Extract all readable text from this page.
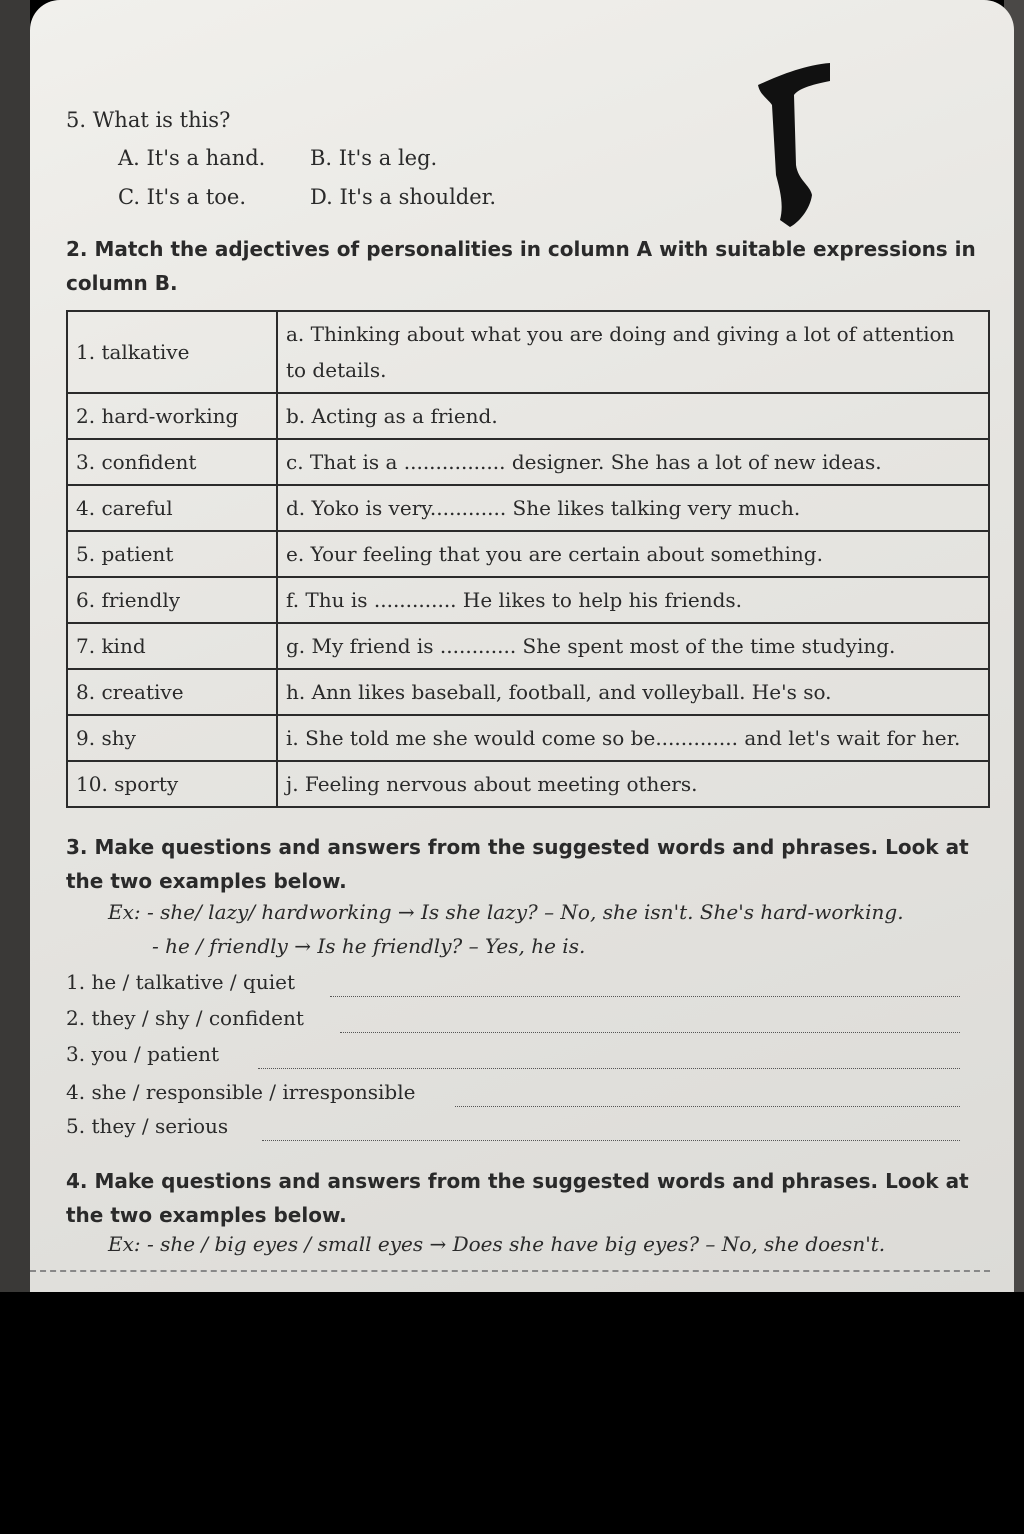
5. What is this?
A. It's a hand. B. It's a leg.
C. It's a toe.	D. It's a shoulder.
2. Match the adjectives of personalities in column A with suitable expressions in column B.
1. talkative	a. Thinking about what you are doing and giving a lot of attention to details.
2. hard-working	b. Acting as a friend.
3. confident	c. That is a ................ designer. She has a lot of new ideas.
4. careful	d. Yoko is very............ She likes talking very much.
5. patient	e. Your feeling that you are certain about something.
6. friendly	f. Thu is ............. He likes to help his friends.
7. kind	g. My friend is ............ She spent most of the time studying.
8. creative	h. Ann likes baseball, football, and volleyball. He's so.
9. shy	i. She told me she would come so be............. and let's wait for her.
10. sporty	j. Feeling nervous about meeting others.
3. Make questions and answers from the suggested words and phrases. Look at the two examples below.
Ex: - she/ lazy/ hardworking → Is she lazy? – No, she isn't. She's hard-working.
- he / friendly → Is he friendly? – Yes, he is.
1. he / talkative / quiet
2. they / shy / confident
3. you / patient
4. she / responsible / irresponsible
5. they / serious
4. Make questions and answers from the suggested words and phrases. Look at the two examples below.
Ex: - she / big eyes / small eyes → Does she have big eyes? – No, she doesn't.
